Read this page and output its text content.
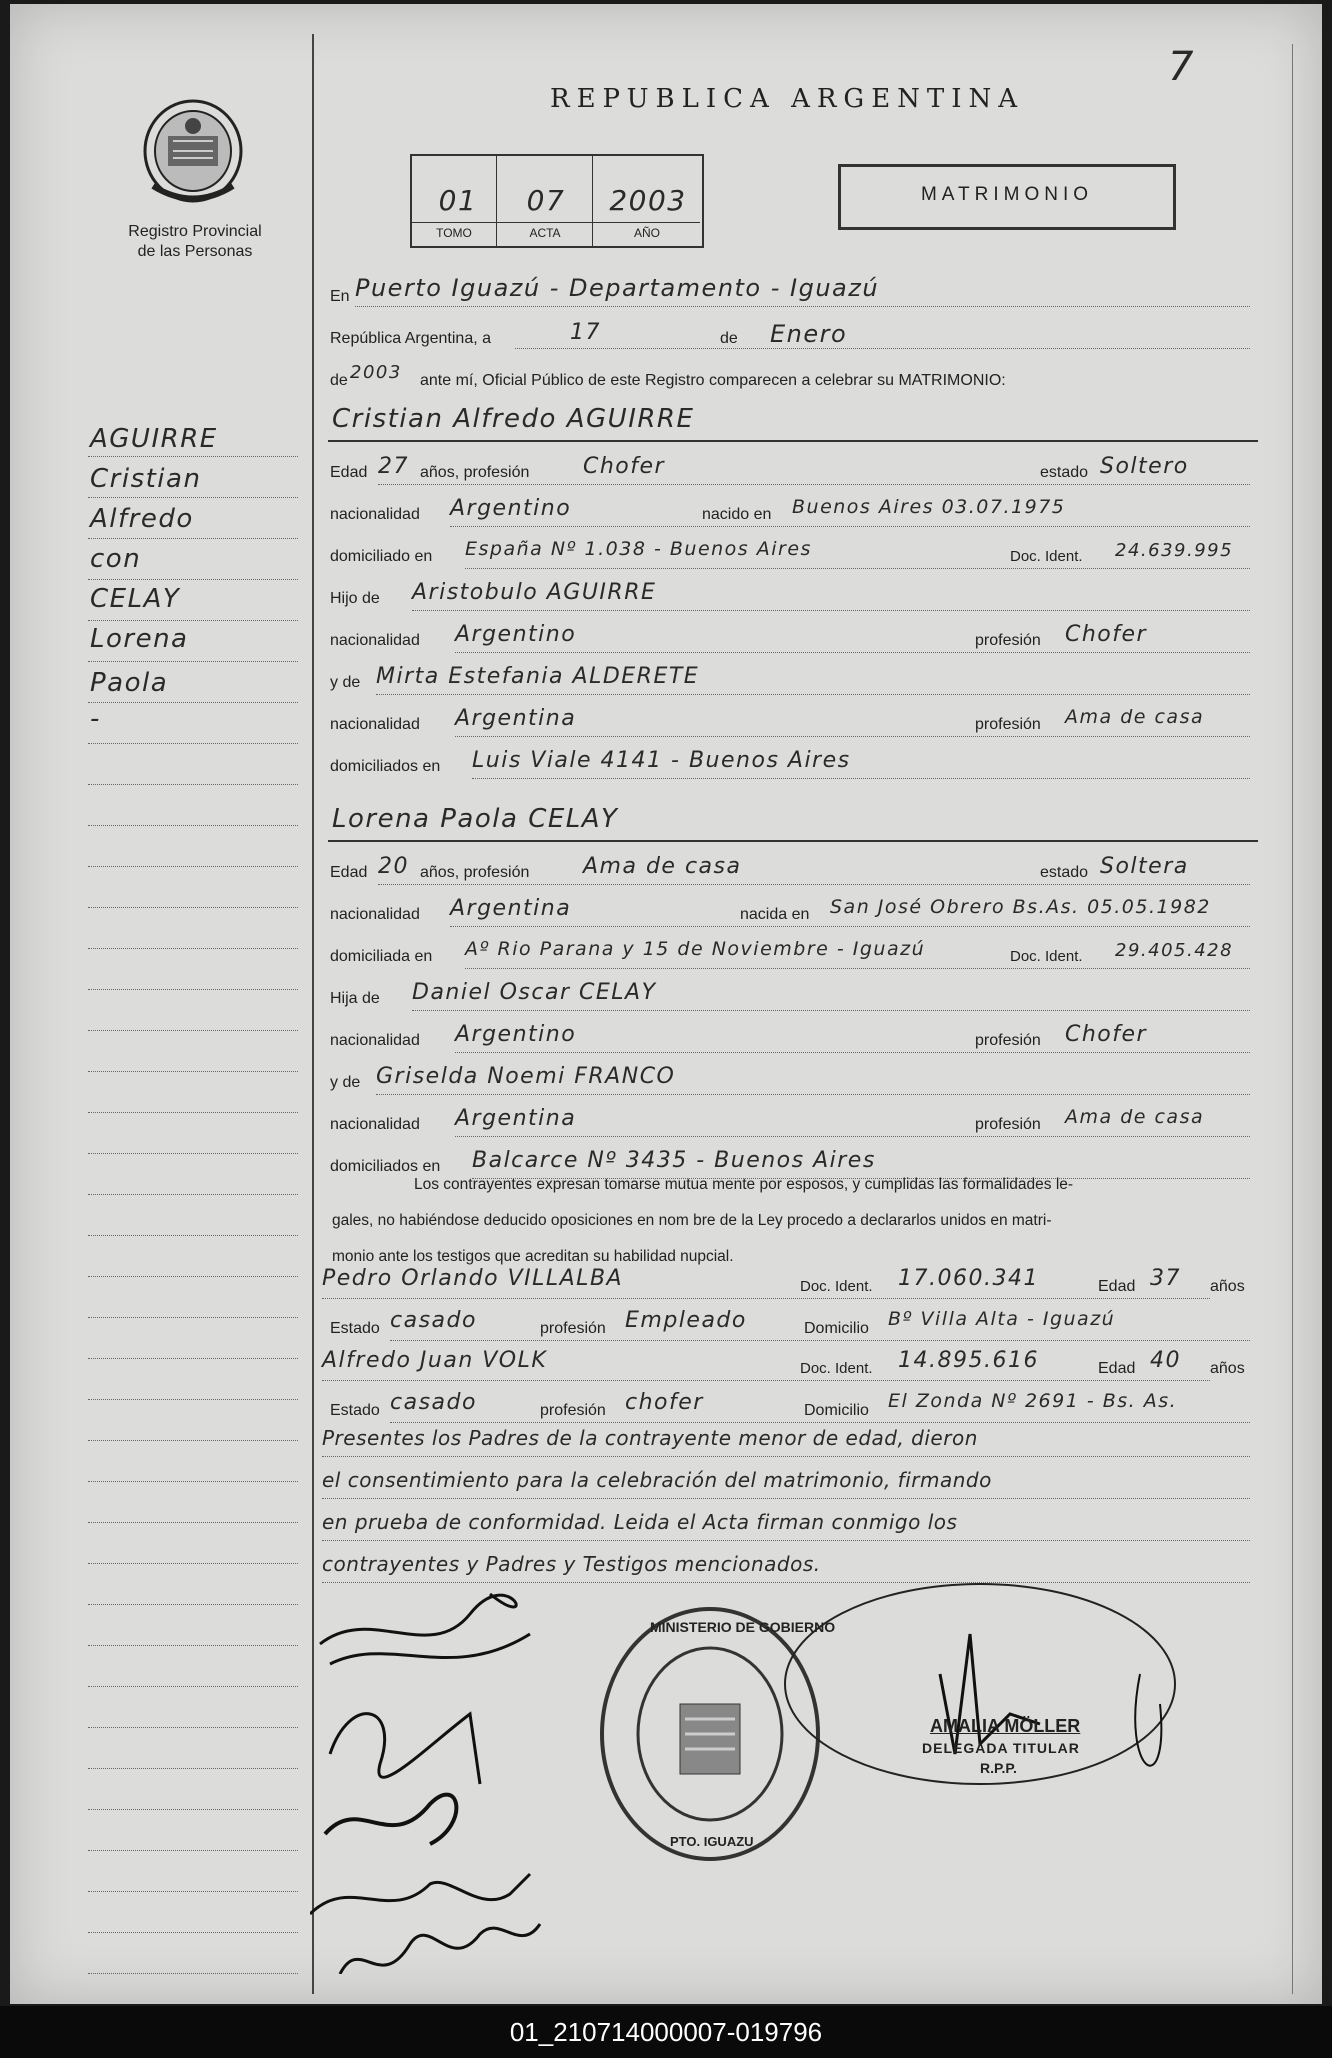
7
Registro Provincial
de las Personas
REPUBLICA ARGENTINA
01	07	2003
TOMO	ACTA	AÑO
MATRIMONIO
AGUIRRE
Cristian
Alfredo
con
CELAY
Lorena
Paola
-
En Puerto Iguazú - Departamento - Iguazú
República Argentina, a	17	de Enero
de 2003 ante mí, Oficial Público de este Registro comparecen a celebrar su MATRIMONIO:
Cristian Alfredo AGUIRRE
Edad 27 años, profesión Chofer	estado Soltero
nacionalidad Argentino	nacido en Buenos Aires 03.07.1975
domiciliado en España Nº 1.038 - Buenos Aires	Doc. Ident. 24.639.995
Hijo de Aristobulo AGUIRRE
nacionalidad Argentino	profesión Chofer
y de Mirta Estefania ALDERETE
nacionalidad Argentina	profesión Ama de casa
domiciliados en Luis Viale 4141 - Buenos Aires
Lorena Paola CELAY
Edad 20 años, profesión Ama de casa	estado Soltera
nacionalidad Argentina	nacida en San José Obrero Bs.As. 05.05.1982
domiciliada en Aº Rio Parana y 15 de Noviembre - Iguazú	Doc. Ident. 29.405.428
Hija de Daniel Oscar CELAY
nacionalidad Argentino	profesión Chofer
y de Griselda Noemi FRANCO
nacionalidad Argentina	profesión Ama de casa
domiciliados en Balcarce Nº 3435 - Buenos Aires
Los contrayentes expresan tomarse mutua mente por esposos, y cumplidas las formalidades le-
gales, no habiéndose deducido oposiciones en nom bre de la Ley procedo a declararlos unidos en matri-
monio ante los testigos que acreditan su habilidad nupcial.
Pedro Orlando VILLALBA	Doc. Ident. 17.060.341	Edad 37 años
Estado casado	profesión Empleado	Domicilio Bº Villa Alta - Iguazú
Alfredo Juan VOLK	Doc. Ident. 14.895.616	Edad 40 años
Estado casado	profesión chofer	Domicilio El Zonda Nº 2691 - Bs. As.
Presentes los Padres de la contrayente menor de edad, dieron
el consentimiento para la celebración del matrimonio, firmando
en prueba de conformidad. Leida el Acta firman conmigo los
contrayentes y Padres y Testigos mencionados.
MINISTERIO DE GOBIERNO
PTO. IGUAZU
AMALIA MÖLLER
DELEGADA TITULAR
R.P.P.
01_210714000007-019796
